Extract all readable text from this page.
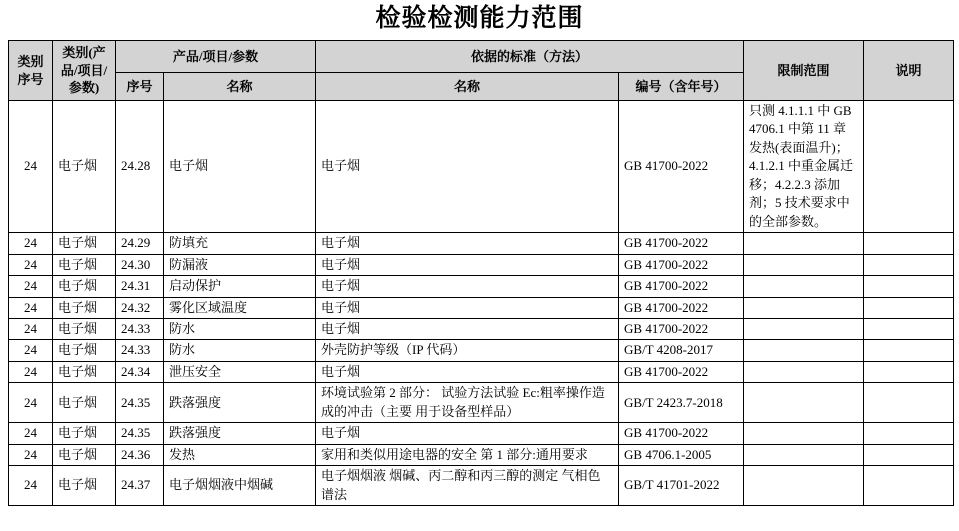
检验检测能力范围
类别序号	类别(产品/项目/参数)	产品/项目/参数		依据的标准（方法）		限制范围	说明
		序号	名称	名称	编号（含年号）		
24	电子烟	24.28	电子烟	电子烟	GB 41700-2022	只测 4.1.1.1 中 GB 4706.1 中第 11 章 发热(表面温升)；4.1.2.1 中重金属迁移；4.2.2.3 添加剂；5 技术要求中的全部参数。	
24	电子烟	24.29	防填充	电子烟	GB 41700-2022		
24	电子烟	24.30	防漏液	电子烟	GB 41700-2022		
24	电子烟	24.31	启动保护	电子烟	GB 41700-2022		
24	电子烟	24.32	雾化区域温度	电子烟	GB 41700-2022		
24	电子烟	24.33	防水	电子烟	GB 41700-2022		
24	电子烟	24.33	防水	外壳防护等级（IP 代码）	GB/T 4208-2017		
24	电子烟	24.34	泄压安全	电子烟	GB 41700-2022		
24	电子烟	24.35	跌落强度	环境试验第 2 部分： 试验方法试验 Ec:粗率操作造成的冲击（主要 用于设备型样品）	GB/T 2423.7-2018		
24	电子烟	24.35	跌落强度	电子烟	GB 41700-2022		
24	电子烟	24.36	发热	家用和类似用途电器的安全 第 1 部分:通用要求	GB 4706.1-2005		
24	电子烟	24.37	电子烟烟液中烟碱	电子烟烟液 烟碱、丙二醇和丙三醇的测定 气相色谱法	GB/T 41701-2022		
